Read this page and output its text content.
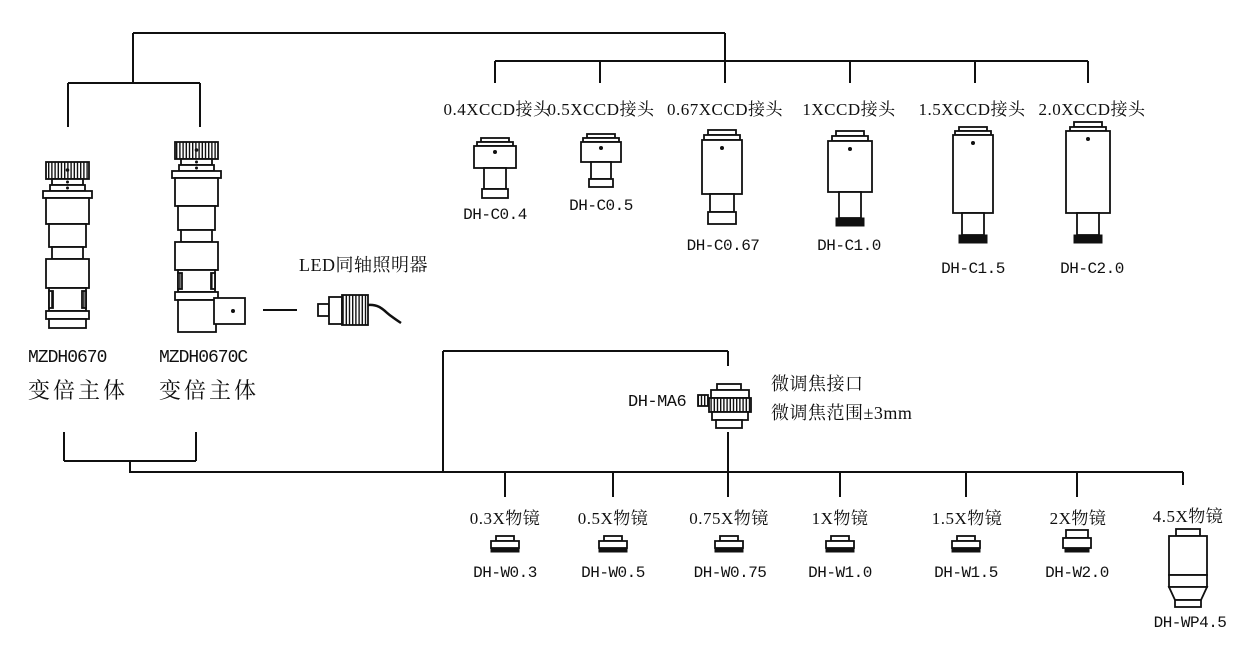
0.4XCCD接头
0.5XCCD接头 0.67XCCD接头 1XCCD接头 1.5XCCD接头 2.0XCCD接头
DH-C0.4	DH-C0.5
DH-C0.67	DH-C1.0
DH-C1.5	DH-C2.0
MZDH0670
变倍主体
MZDH0670C
变倍主体
LED同轴照明器
DH-MA6
微调焦接口
微调焦范围±3mm
0.3X物镜 0.5X物镜 0.75X物镜	1X物镜	1.5X物镜	2X物镜	4.5X物镜
DH-W0.3	DH-W0.5	DH-W0.75	DH-W1.0	DH-W1.5	DH-W2.0
DH-WP4.5
